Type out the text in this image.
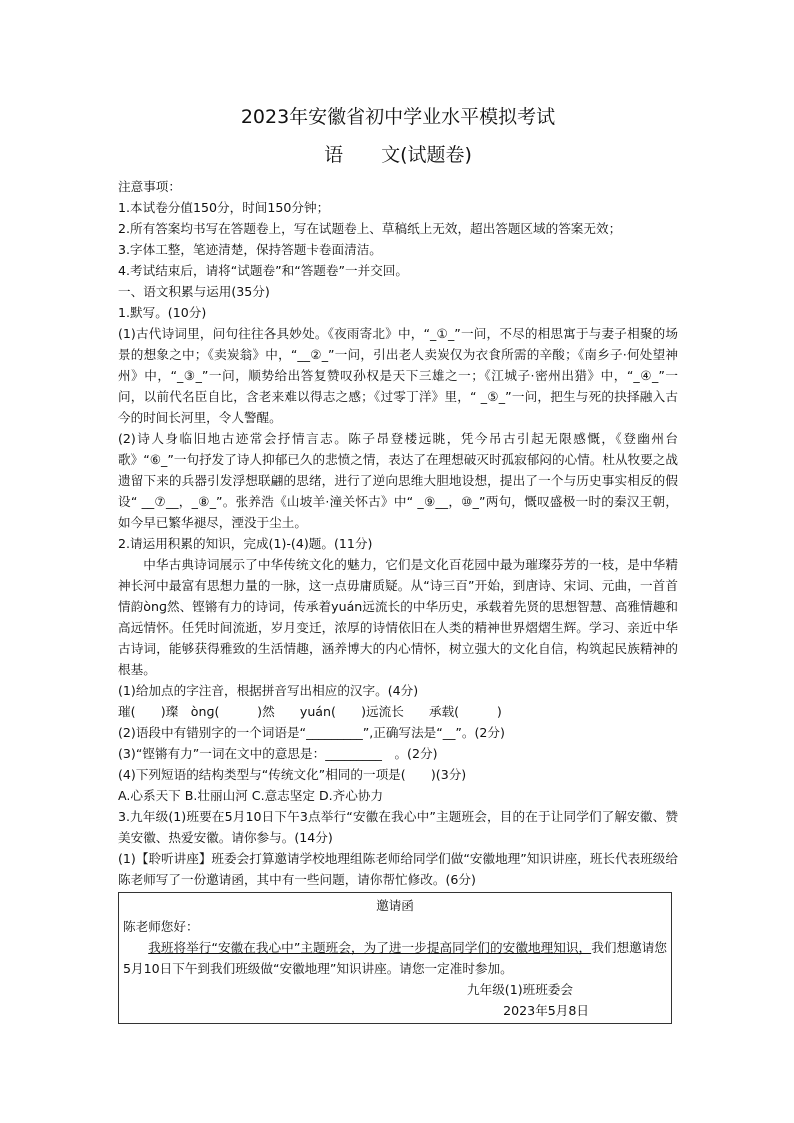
2023年安徽省初中学业水平模拟考试
语　　文(试题卷)

注意事项：

1.本试卷分值150分，时间150分钟；

2.所有答案均书写在答题卷上，写在试题卷上、草稿纸上无效，超出答题区域的答案无效；

3.字体工整，笔迹清楚，保持答题卡卷面清洁。

4.考试结束后，请将“试题卷”和“答题卷”一并交回。

一、语文积累与运用(35分)

1.默写。(10分)

(1)古代诗词里，问句往往各具妙处。《夜雨寄北》中，“_①_”一问，不尽的相思寓于与妻子相聚的场景的想象之中；《卖炭翁》中，“__②_”一问，引出老人卖炭仅为衣食所需的辛酸；《南乡子·何处望神州》中，“_③_”一问，顺势给出答复赞叹孙权是天下三雄之一；《江城子·密州出猎》中，“_④_”一问，以前代名臣自比，含老来难以得志之感；《过零丁洋》里，“ _⑤_”一问，把生与死的抉择融入古今的时间长河里，令人警醒。

(2)诗人身临旧地古迹常会抒情言志。陈子昂登楼远眺，凭今吊古引起无限感慨，《登幽州台歌》“⑥_”一句抒发了诗人抑郁已久的悲愤之情，表达了在理想破灭时孤寂郁闷的心情。杜从牧要之战遗留下来的兵器引发浮想联翩的思绪，进行了逆向思维大胆地设想，提出了一个与历史事实相反的假设“ __⑦__，_⑧_”。张养浩《山坡羊·潼关怀古》中“ _⑨__，⑩_”两句，慨叹盛极一时的秦汉王朝，如今早已繁华褪尽，湮没于尘土。

2.请运用积累的知识，完成(1)-(4)题。(11分)

中华古典诗词展示了中华传统文化的魅力，它们是文化百花园中最为璀璨芬芳的一枝，是中华精神长河中最富有思想力量的一脉，这一点毋庸质疑。从“诗三百”开始，到唐诗、宋词、元曲，一首首情韵ònɡ然、铿锵有力的诗词，传承着yuán远流长的中华历史，承载着先贤的思想智慧、高雅情趣和高远情怀。任凭时间流逝，岁月变迁，浓厚的诗情依旧在人类的精神世界熠熠生辉。学习、亲近中华古诗词，能够获得雅致的生活情趣，涵养博大的内心情怀，树立强大的文化自信，构筑起民族精神的根基。

(1)给加点的字注音，根据拼音写出相应的汉字。(4分)

璀(　　)璨　ònɡ(　　　)然　　yuán(　　)远流长　　承载(　　　)

(2)语段中有错别字的一个词语是“_________”,正确写法是“__”。(2分)

(3)“铿锵有力”一词在文中的意思是：_________　。(2分)

(4)下列短语的结构类型与“传统文化”相同的一项是(　　)(3分)

A.心系天下 B.壮丽山河 C.意志坚定 D.齐心协力

3.九年级(1)班要在5月10日下午3点举行“安徽在我心中”主题班会，目的在于让同学们了解安徽、赞美安徽、热爱安徽。请你参与。(14分)

(1)【聆听讲座】班委会打算邀请学校地理组陈老师给同学们做“安徽地理”知识讲座，班长代表班级给陈老师写了一份邀请函，其中有一些问题，请你帮忙修改。(6分)

邀请函

陈老师您好：

我班将举行“安徽在我心中”主题班会，为了进一步提高同学们的安徽地理知识，我们想邀请您5月10日下午到我们班级做“安徽地理”知识讲座。请您一定准时参加。

九年级(1)班班委会

2023年5月8日
